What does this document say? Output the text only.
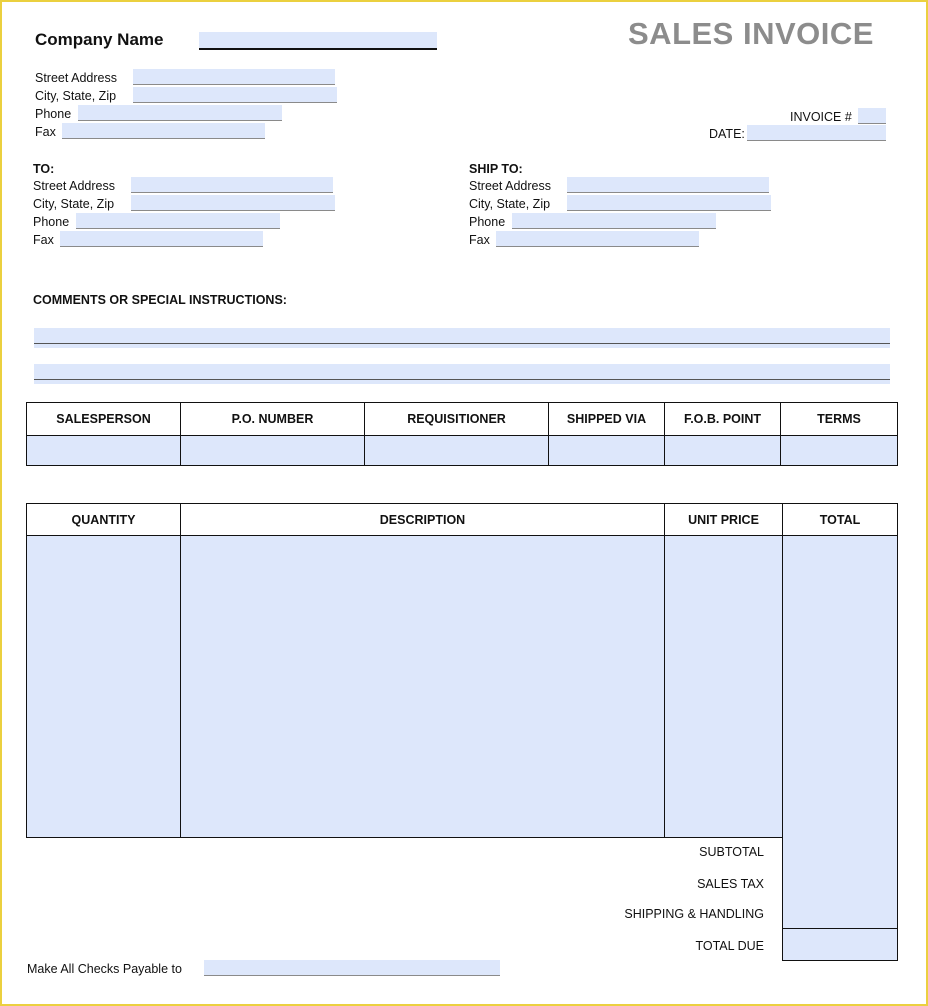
Company Name	SALES INVOICE
Street Address
City, State, Zip
Phone
Fax
INVOICE #
DATE:
TO:
Street Address
City, State, Zip
Phone
Fax
SHIP TO:
Street Address
City, State, Zip
Phone
Fax
COMMENTS OR SPECIAL INSTRUCTIONS:
SALESPERSON	P.O. NUMBER	REQUISITIONER	SHIPPED VIA	F.O.B. POINT	TERMS

QUANTITY	DESCRIPTION	UNIT PRICE	TOTAL

SUBTOTAL
SALES TAX
SHIPPING & HANDLING
TOTAL DUE
Make All Checks Payable to
